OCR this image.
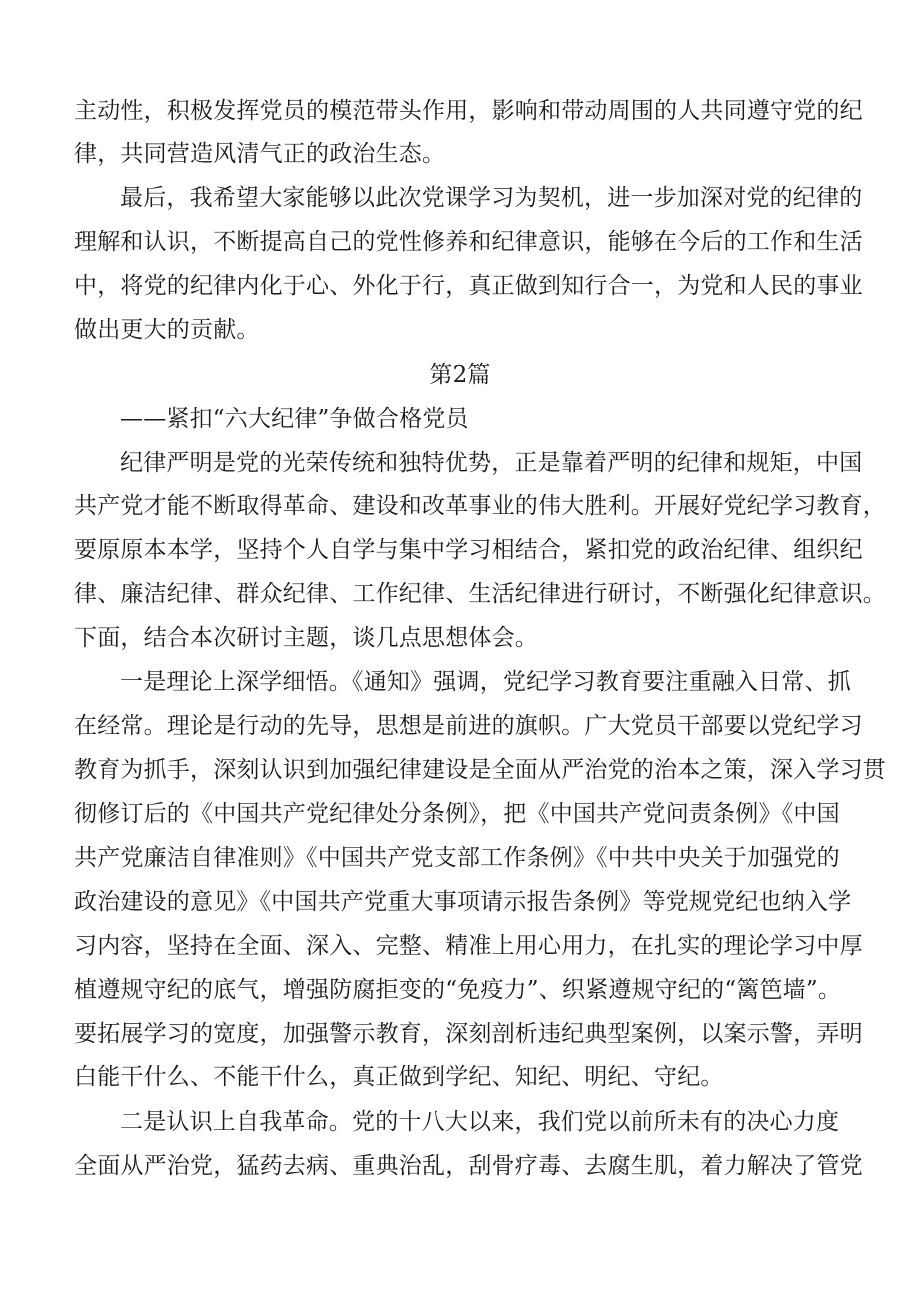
主动性，积极发挥党员的模范带头作用，影响和带动周围的人共同遵守党的纪
律，共同营造风清气正的政治生态。
最后，我希望大家能够以此次党课学习为契机，进一步加深对党的纪律的
理解和认识，不断提高自己的党性修养和纪律意识，能够在今后的工作和生活
中，将党的纪律内化于心、外化于行，真正做到知行合一，为党和人民的事业
做出更大的贡献。
第2篇
——紧扣“六大纪律”争做合格党员
纪律严明是党的光荣传统和独特优势，正是靠着严明的纪律和规矩，中国
共产党才能不断取得革命、建设和改革事业的伟大胜利。开展好党纪学习教育，
要原原本本学，坚持个人自学与集中学习相结合，紧扣党的政治纪律、组织纪
律、廉洁纪律、群众纪律、工作纪律、生活纪律进行研讨，不断强化纪律意识。
下面，结合本次研讨主题，谈几点思想体会。
一是理论上深学细悟。《通知》强调，党纪学习教育要注重融入日常、抓
在经常。理论是行动的先导，思想是前进的旗帜。广大党员干部要以党纪学习
教育为抓手，深刻认识到加强纪律建设是全面从严治党的治本之策，深入学习贯
彻修订后的《中国共产党纪律处分条例》，把《中国共产党问责条例》《中国
共产党廉洁自律准则》《中国共产党支部工作条例》《中共中央关于加强党的
政治建设的意见》《中国共产党重大事项请示报告条例》等党规党纪也纳入学
习内容，坚持在全面、深入、完整、精准上用心用力，在扎实的理论学习中厚
植遵规守纪的底气，增强防腐拒变的“免疫力”、织紧遵规守纪的“篱笆墙”。
要拓展学习的宽度，加强警示教育，深刻剖析违纪典型案例，以案示警，弄明
白能干什么、不能干什么，真正做到学纪、知纪、明纪、守纪。
二是认识上自我革命。党的十八大以来，我们党以前所未有的决心力度
全面从严治党，猛药去病、重典治乱，刮骨疗毒、去腐生肌，着力解决了管党
